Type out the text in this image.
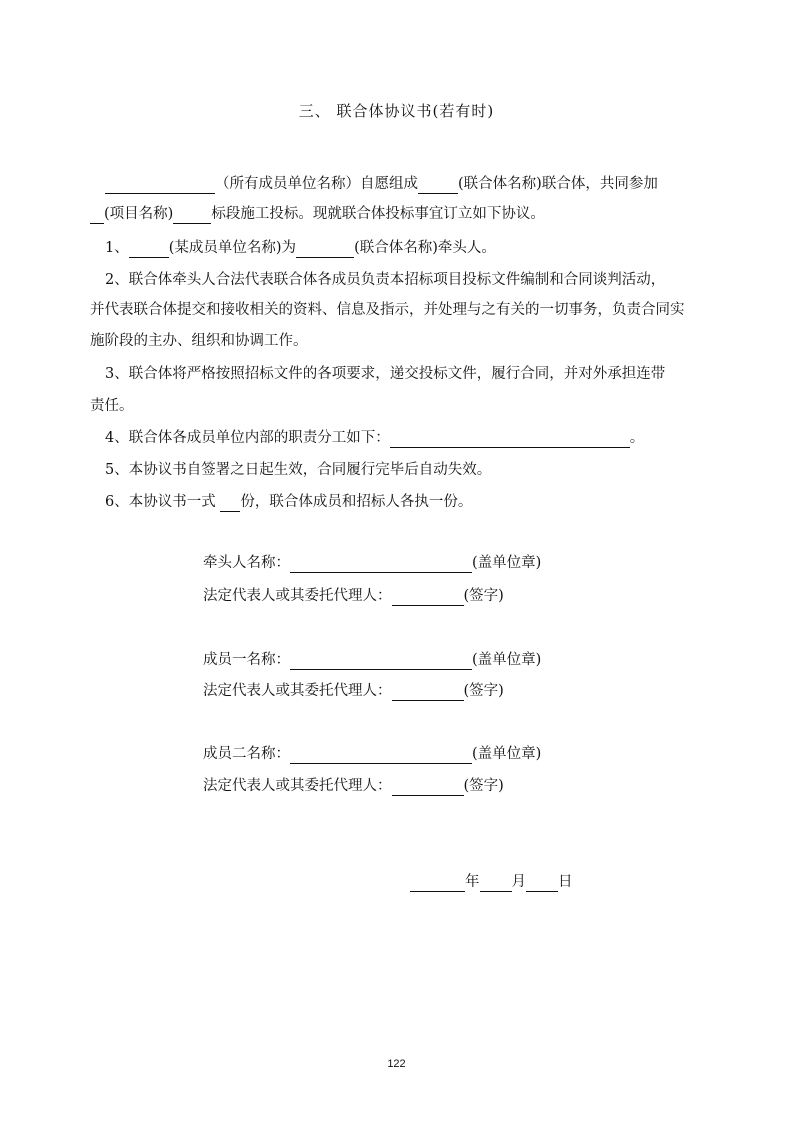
三、 联合体协议书(若有时)
（所有成员单位名称）自愿组成	(联合体名称)联合体，共同参加
(项目名称)	标段施工投标。现就联合体投标事宜订立如下协议。
1、	(某成员单位名称)为	(联合体名称)牵头人。
2、联合体牵头人合法代表联合体各成员负责本招标项目投标文件编制和合同谈判活动，
并代表联合体提交和接收相关的资料、信息及指示，并处理与之有关的一切事务，负责合同实
施阶段的主办、组织和协调工作。
3、联合体将严格按照招标文件的各项要求，递交投标文件，履行合同，并对外承担连带
责任。
4、联合体各成员单位内部的职责分工如下：	。
5、本协议书自签署之日起生效，合同履行完毕后自动失效。
6、本协议书一式 份，联合体成员和招标人各执一份。
牵头人名称：	(盖单位章)
法定代表人或其委托代理人：	(签字)
成员一名称：	(盖单位章)
法定代表人或其委托代理人：	(签字)
成员二名称：	(盖单位章)
法定代表人或其委托代理人：	(签字)
年 月 日
122
